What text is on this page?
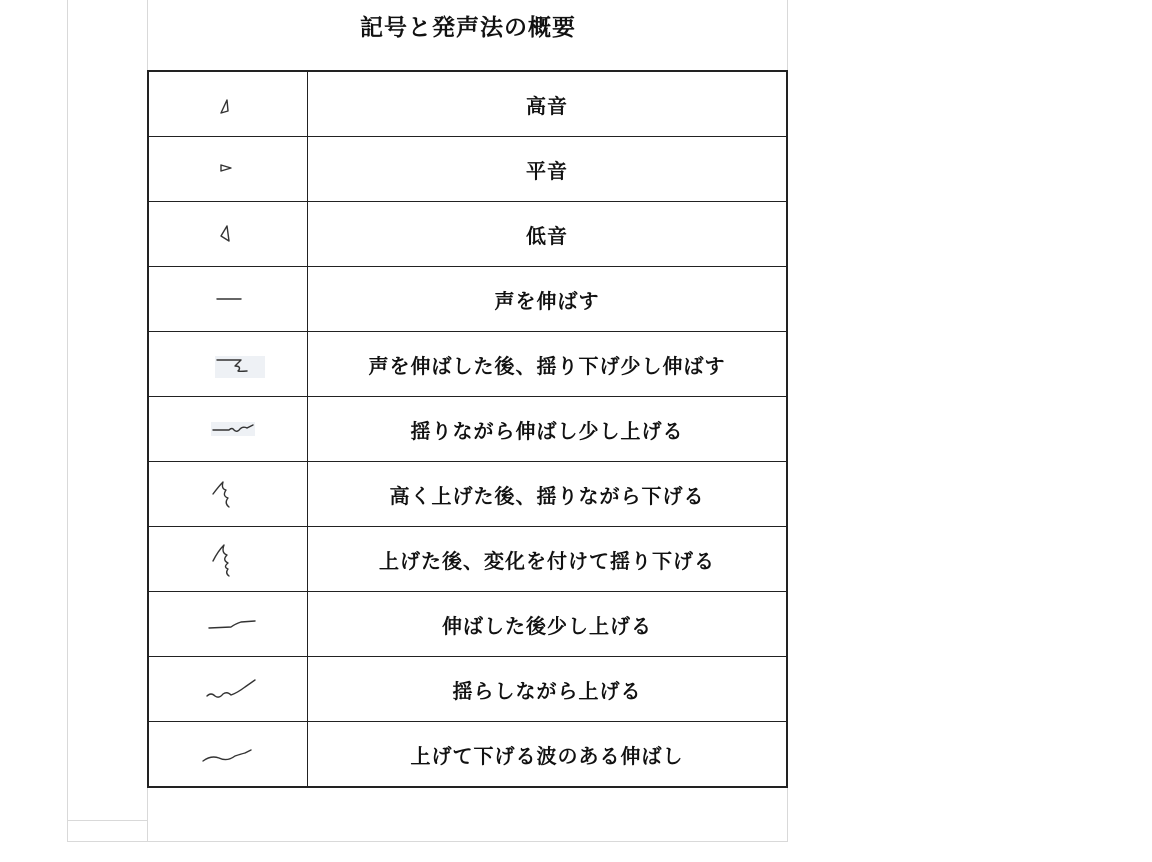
記号と発声法の概要
	高音

	平音

	低音

	声を伸ばす

	声を伸ばした後、揺り下げ少し伸ばす

	揺りながら伸ばし少し上げる

	高く上げた後、揺りながら下げる

	上げた後、変化を付けて揺り下げる

	伸ばした後少し上げる

	揺らしながら上げる

	上げて下げる波のある伸ばし
